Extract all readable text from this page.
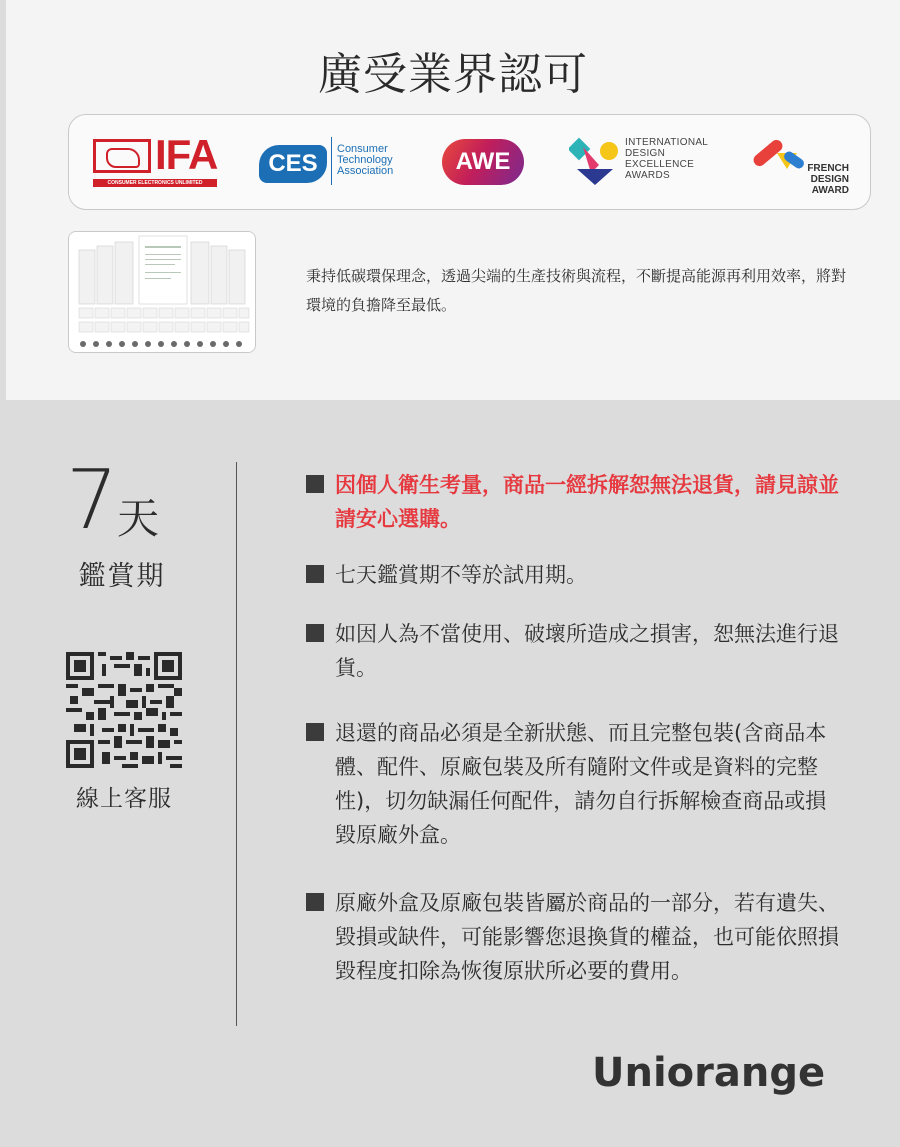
廣受業界認可
IFA
CONSUMER ELECTRONICS UNLIMITED
CES
Consumer
Technology
Association	AWE
INTERNATIONAL
DESIGN
EXCELLENCE
AWARDS
FRENCH
DESIGN AWARD
秉持低碳環保理念，透過尖端的生產技術與流程，不斷提高能源再利用效率，將對環境的負擔降至最低。
7
天
鑑賞期
線上客服
因個人衛生考量，商品一經拆解恕無法退貨，請見諒並請安心選購。
七天鑑賞期不等於試用期。
如因人為不當使用、破壞所造成之損害，恕無法進行退貨。
退還的商品必須是全新狀態、而且完整包裝(含商品本體、配件、原廠包裝及所有隨附文件或是資料的完整性)，切勿缺漏任何配件，請勿自行拆解檢查商品或損毀原廠外盒。
原廠外盒及原廠包裝皆屬於商品的一部分，若有遺失、毀損或缺件，可能影響您退換貨的權益，也可能依照損毀程度扣除為恢復原狀所必要的費用。
Uniorange
